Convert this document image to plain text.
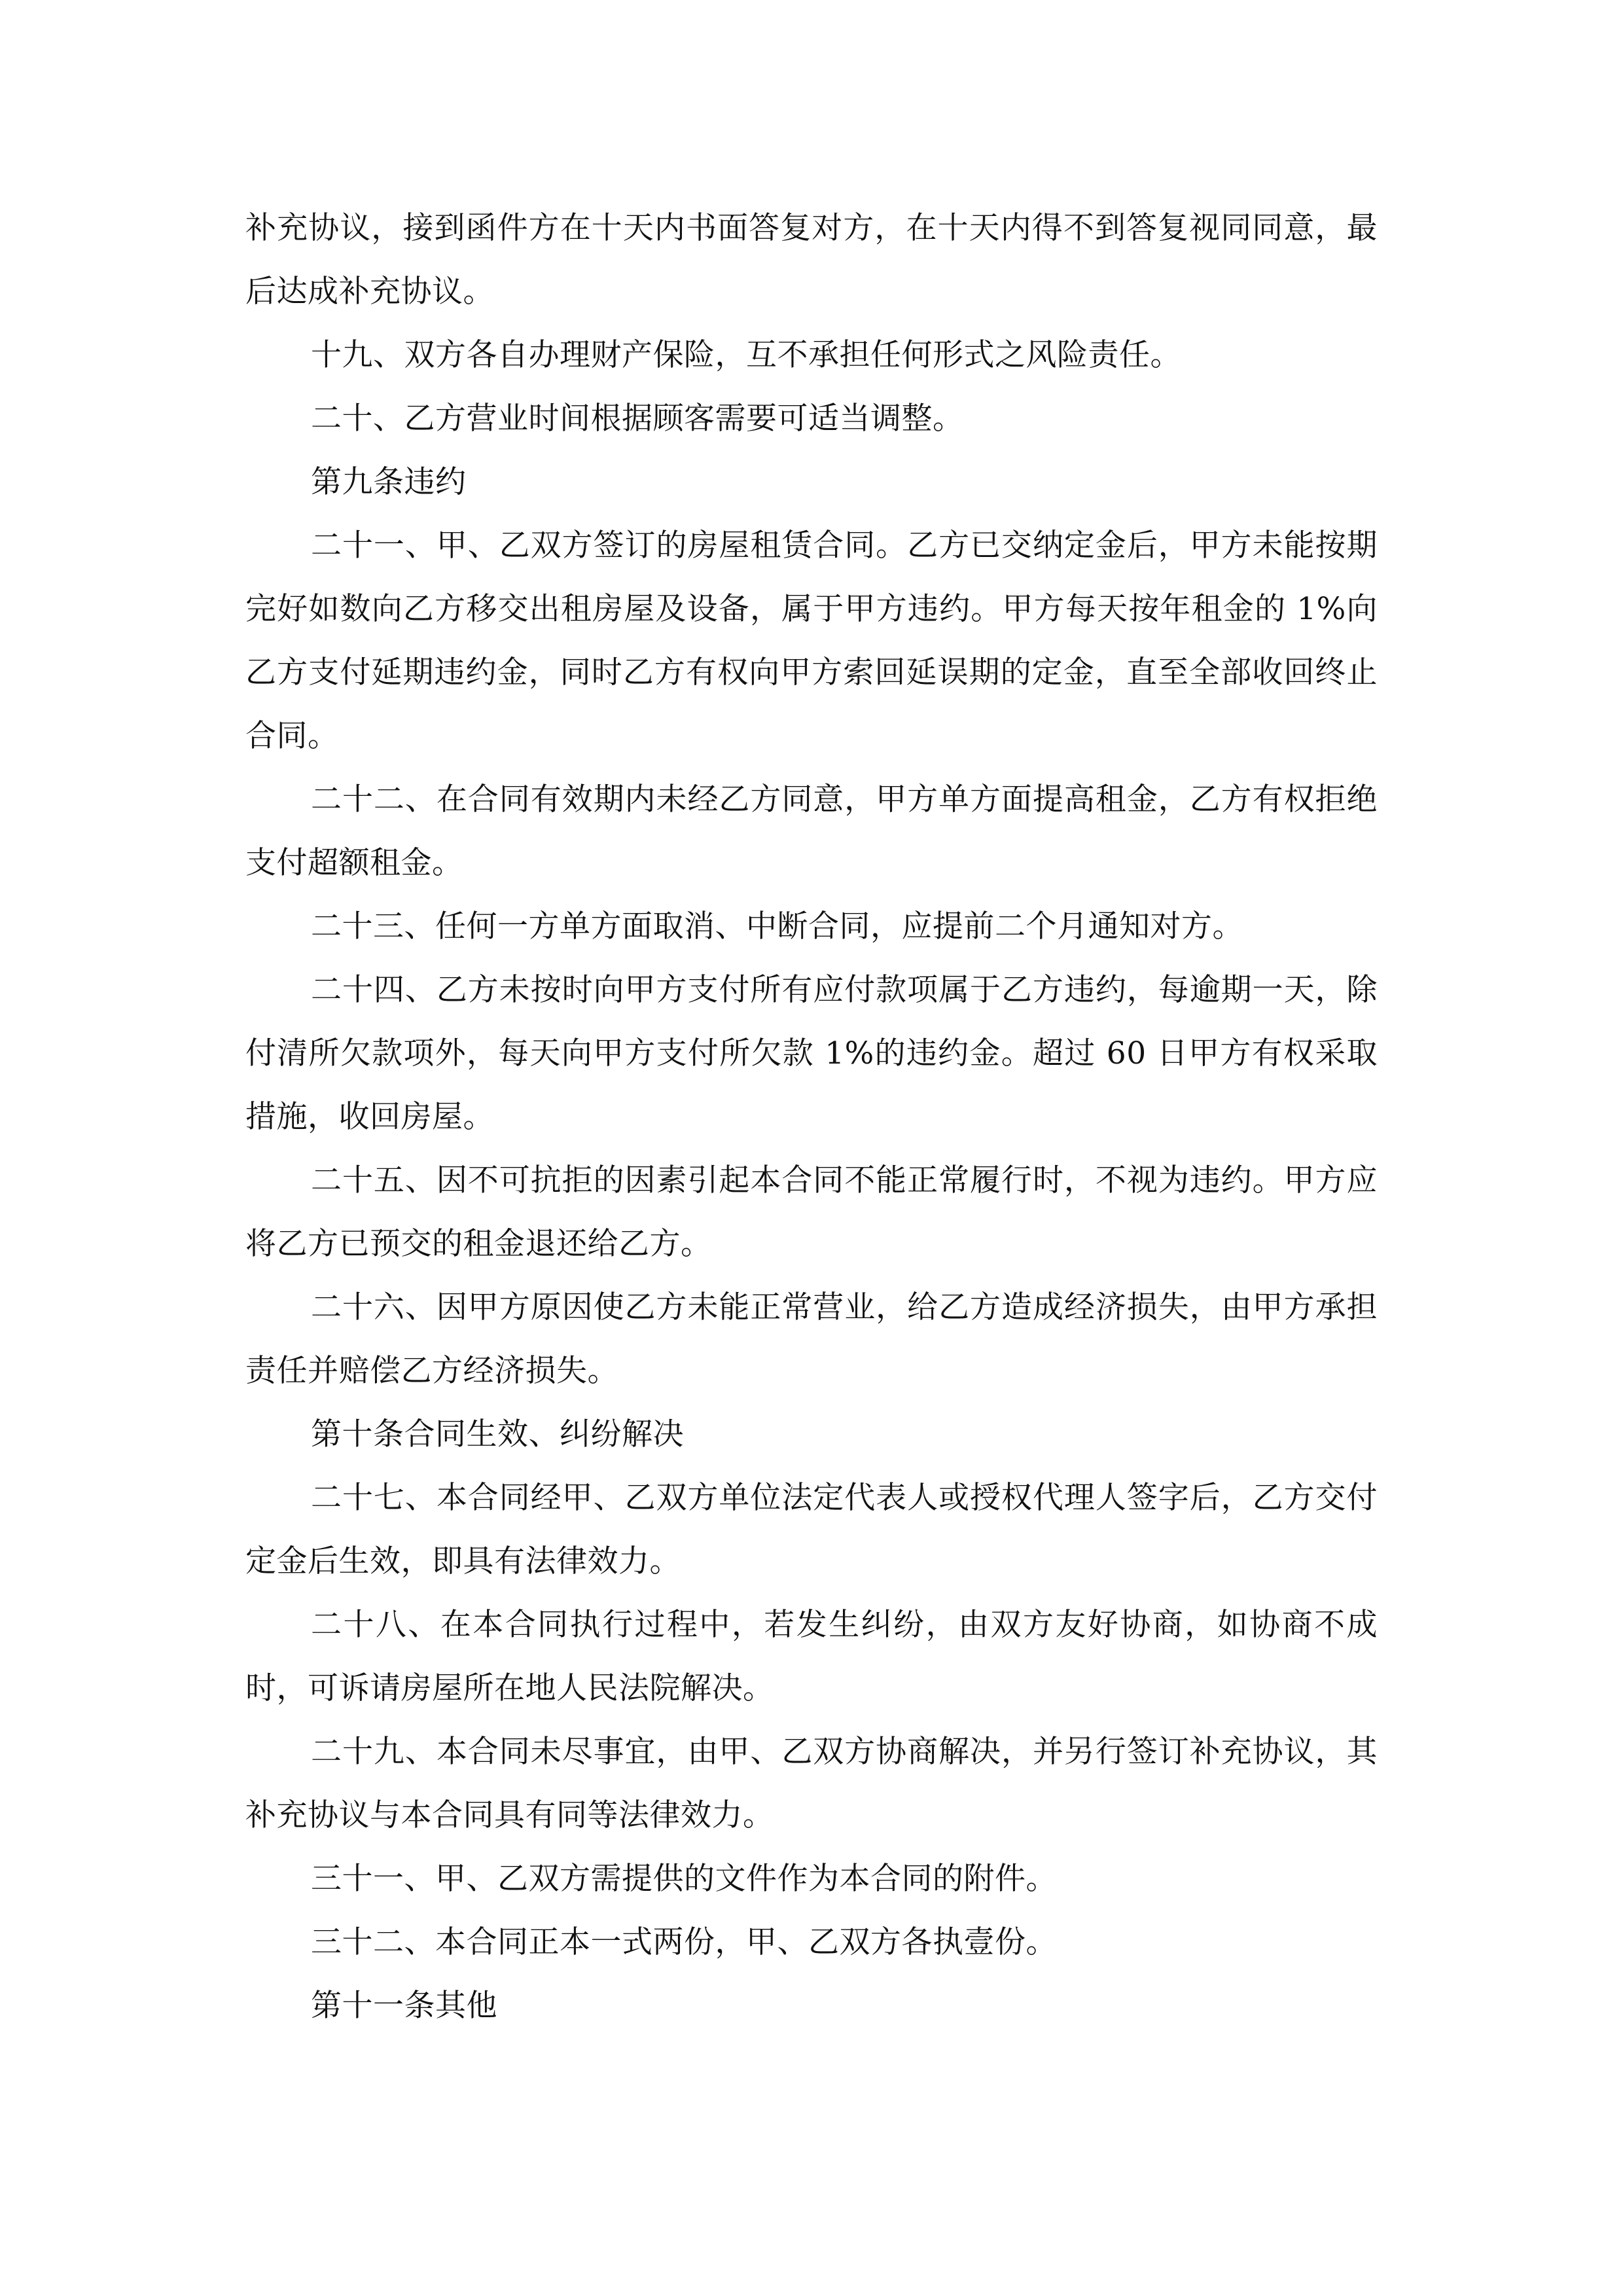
补充协议，接到函件方在十天内书面答复对方，在十天内得不到答复视同同意，最后达成补充协议。

十九、双方各自办理财产保险，互不承担任何形式之风险责任。

二十、乙方营业时间根据顾客需要可适当调整。

第九条违约

二十一、甲、乙双方签订的房屋租赁合同。乙方已交纳定金后，甲方未能按期完好如数向乙方移交出租房屋及设备，属于甲方违约。甲方每天按年租金的 1%向乙方支付延期违约金，同时乙方有权向甲方索回延误期的定金，直至全部收回终止合同。

二十二、在合同有效期内未经乙方同意，甲方单方面提高租金，乙方有权拒绝支付超额租金。

二十三、任何一方单方面取消、中断合同，应提前二个月通知对方。

二十四、乙方未按时向甲方支付所有应付款项属于乙方违约，每逾期一天，除付清所欠款项外，每天向甲方支付所欠款 1%的违约金。超过 60 日甲方有权采取措施，收回房屋。

二十五、因不可抗拒的因素引起本合同不能正常履行时，不视为违约。甲方应将乙方已预交的租金退还给乙方。

二十六、因甲方原因使乙方未能正常营业，给乙方造成经济损失，由甲方承担责任并赔偿乙方经济损失。

第十条合同生效、纠纷解决

二十七、本合同经甲、乙双方单位法定代表人或授权代理人签字后，乙方交付定金后生效，即具有法律效力。

二十八、在本合同执行过程中，若发生纠纷，由双方友好协商，如协商不成时，可诉请房屋所在地人民法院解决。

二十九、本合同未尽事宜，由甲、乙双方协商解决，并另行签订补充协议，其补充协议与本合同具有同等法律效力。

三十一、甲、乙双方需提供的文件作为本合同的附件。

三十二、本合同正本一式两份，甲、乙双方各执壹份。

第十一条其他
